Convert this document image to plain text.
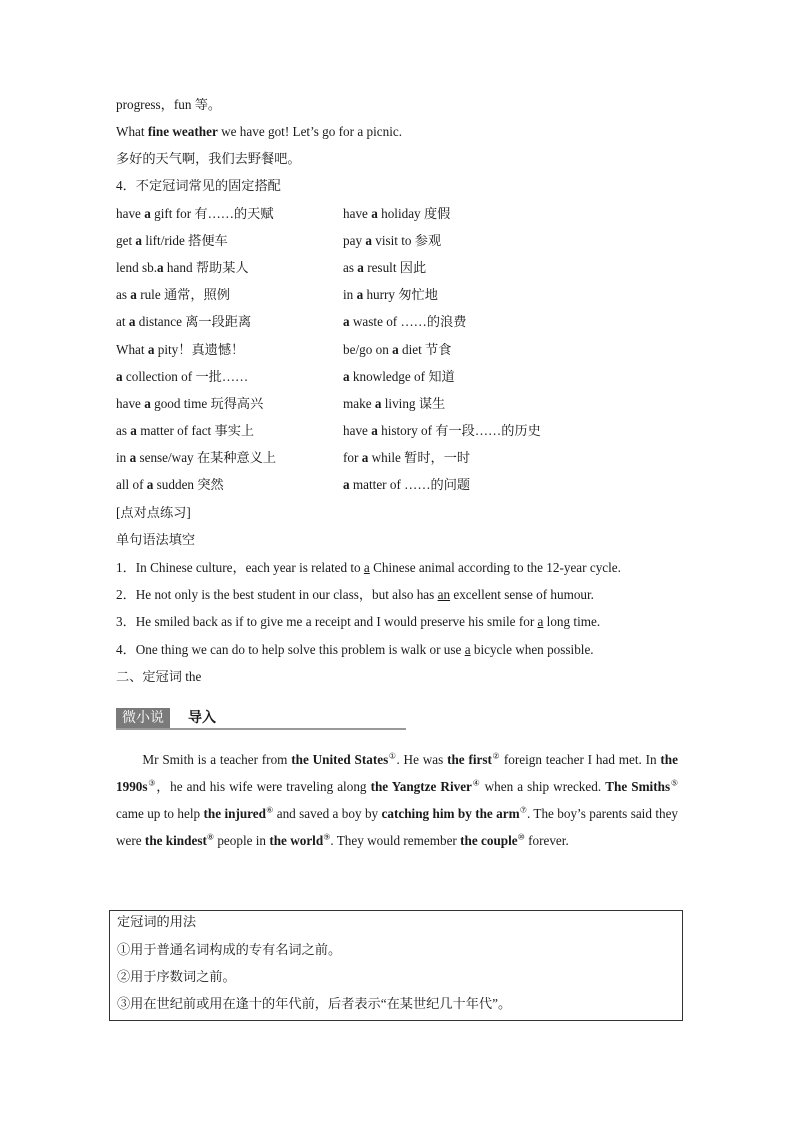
progress，fun 等。
What fine weather we have got! Let’s go for a picnic.
多好的天气啊，我们去野餐吧。
4．不定冠词常见的固定搭配
have a gift for 有……的天赋	have a holiday 度假
get a lift/ride 搭便车	pay a visit to 参观
lend sb.a hand 帮助某人	as a result 因此
as a rule 通常，照例	in a hurry 匆忙地
at a distance 离一段距离	a waste of ……的浪费
What a pity！真遗憾！	be/go on a diet 节食
a collection of 一批……	a knowledge of 知道
have a good time 玩得高兴	make a living 谋生
as a matter of fact 事实上	have a history of 有一段……的历史
in a sense/way 在某种意义上	for a while 暂时，一时
all of a sudden 突然	a matter of ……的问题
[点对点练习]
单句语法填空
1．In Chinese culture，each year is related to a Chinese animal according to the 12-year cycle.
2．He not only is the best student in our class，but also has an excellent sense of humour.
3．He smiled back as if to give me a receipt and I would preserve his smile for a long time.
4．One thing we can do to help solve this problem is walk or use a bicycle when possible.
二、定冠词 the
微小说	导入

Mr Smith is a teacher from the United States①. He was the first② foreign teacher I had met. In the 1990s③，he and his wife were traveling along the Yangtze River④ when a ship wrecked. The Smiths⑤ came up to help the injured⑥ and saved a boy by catching him by the arm⑦. The boy’s parents said they were the kindest⑧ people in the world⑨. They would remember the couple⑩ forever.

定冠词的用法
①用于普通名词构成的专有名词之前。
②用于序数词之前。
③用在世纪前或用在逢十的年代前，后者表示“在某世纪几十年代”。
